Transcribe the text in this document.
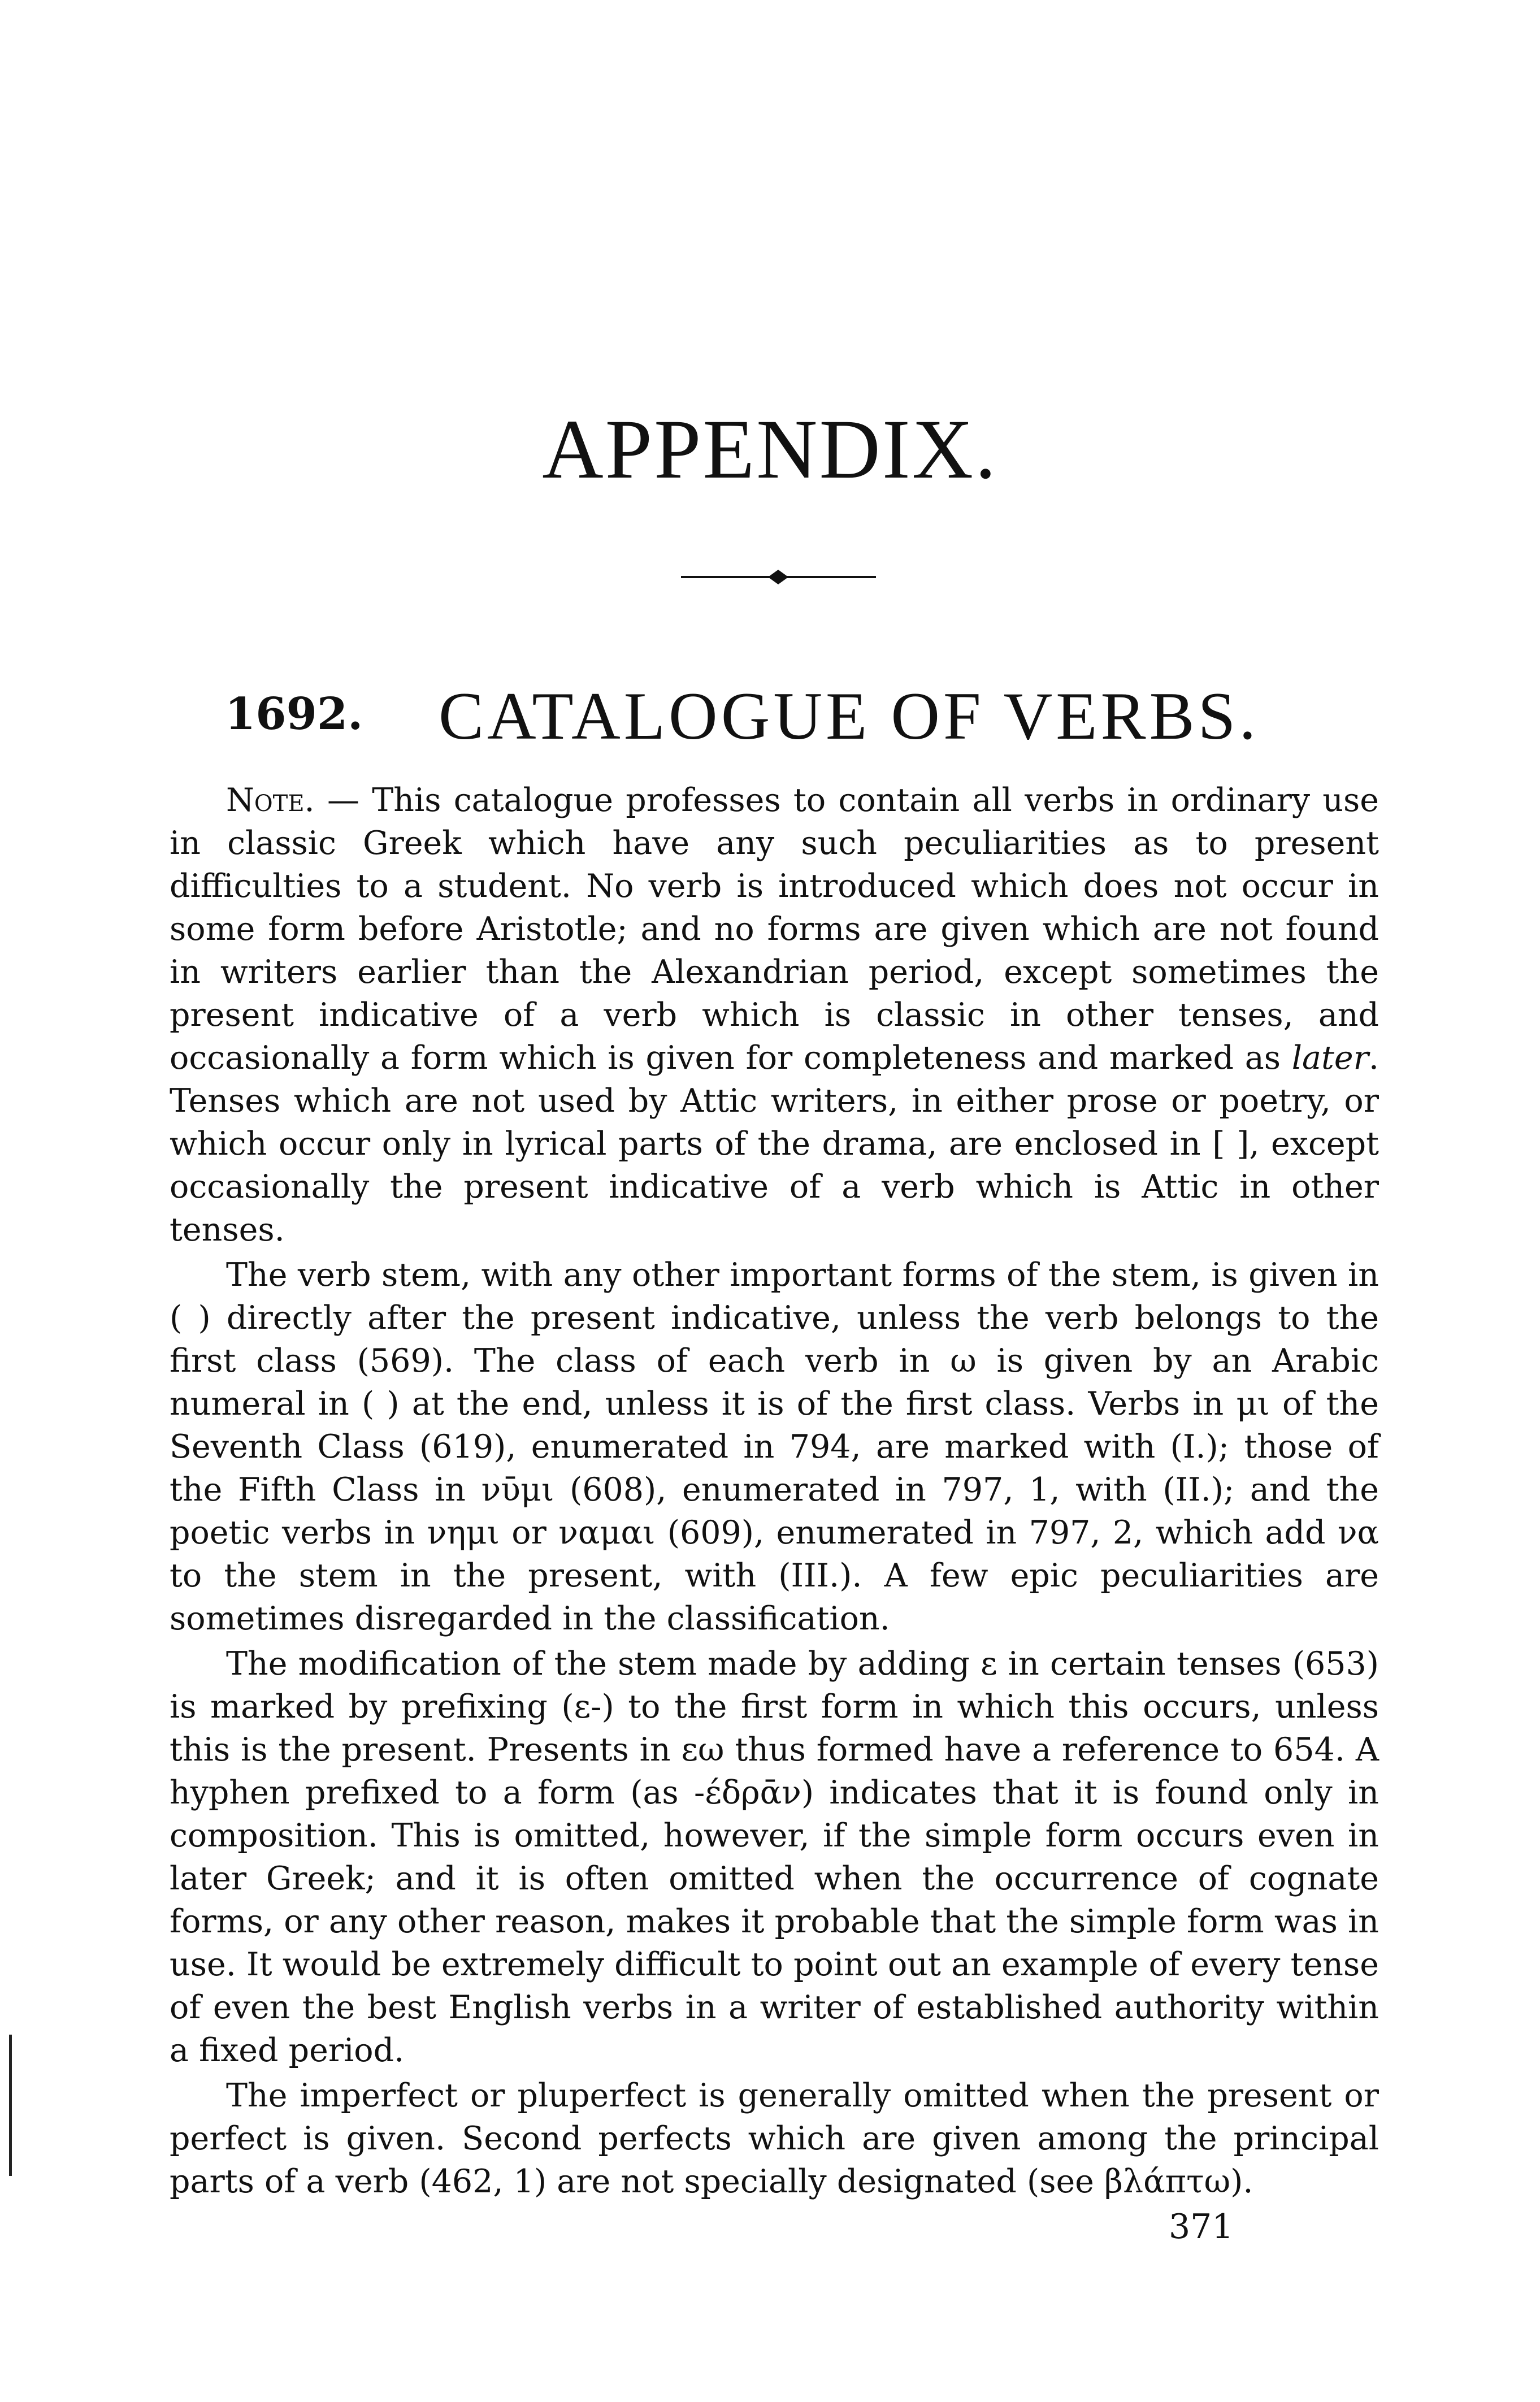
APPENDIX.
1692. CATALOGUE OF VERBS.

Note. — This catalogue professes to contain all verbs in ordinary use in classic Greek which have any such peculiarities as to present difficulties to a student. No verb is introduced which does not occur in some form before Aristotle; and no forms are given which are not found in writers earlier than the Alexandrian period, except sometimes the present indicative of a verb which is classic in other tenses, and occasionally a form which is given for completeness and marked as later. Tenses which are not used by Attic writers, in either prose or poetry, or which occur only in lyrical parts of the drama, are enclosed in [ ], except occasionally the present indicative of a verb which is Attic in other tenses.

The verb stem, with any other important forms of the stem, is given in ( ) directly after the present indicative, unless the verb belongs to the first class (569). The class of each verb in ω is given by an Arabic numeral in ( ) at the end, unless it is of the first class. Verbs in μι of the Seventh Class (619), enumerated in 794, are marked with (I.); those of the Fifth Class in νῡμι (608), enumerated in 797, 1, with (II.); and the poetic verbs in νημι or ναμαι (609), enumerated in 797, 2, which add να to the stem in the present, with (III.). A few epic peculiarities are sometimes disregarded in the classification.

The modification of the stem made by adding ε in certain tenses (653) is marked by prefixing (ε-) to the first form in which this occurs, unless this is the present. Presents in εω thus formed have a reference to 654. A hyphen prefixed to a form (as -έδρᾱν) indicates that it is found only in composition. This is omitted, however, if the simple form occurs even in later Greek; and it is often omitted when the occurrence of cognate forms, or any other reason, makes it probable that the simple form was in use. It would be extremely difficult to point out an example of every tense of even the best English verbs in a writer of established authority within a fixed period.

The imperfect or pluperfect is generally omitted when the present or perfect is given. Second perfects which are given among the principal parts of a verb (462, 1) are not specially designated (see βλάπτω).

371
